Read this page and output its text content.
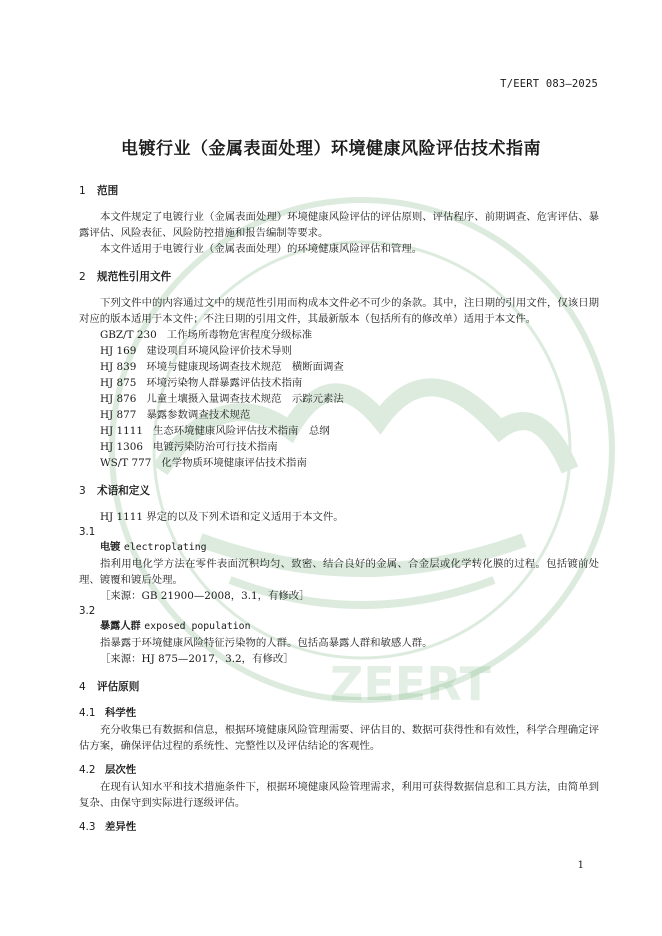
ZEERT
T/EERT 083—2025
电镀行业（金属表面处理）环境健康风险评估技术指南
1 范围

本文件规定了电镀行业（金属表面处理）环境健康风险评估的评估原则、评估程序、前期调查、危害评估、暴露评估、风险表征、风险防控措施和报告编制等要求。

本文件适用于电镀行业（金属表面处理）的环境健康风险评估和管理。

2 规范性引用文件

下列文件中的内容通过文中的规范性引用而构成本文件必不可少的条款。其中，注日期的引用文件，仅该日期对应的版本适用于本文件；不注日期的引用文件，其最新版本（包括所有的修改单）适用于本文件。

GBZ/T 230 工作场所毒物危害程度分级标准
HJ 169 建设项目环境风险评价技术导则
HJ 839 环境与健康现场调查技术规范　横断面调查
HJ 875 环境污染物人群暴露评估技术指南
HJ 876 儿童土壤摄入量调查技术规范　示踪元素法
HJ 877 暴露参数调查技术规范
HJ 1111 生态环境健康风险评估技术指南　总纲
HJ 1306 电镀污染防治可行技术指南
WS/T 777 化学物质环境健康评估技术指南
3 术语和定义

HJ 1111 界定的以及下列术语和定义适用于本文件。

3.1

电镀 electroplating

指利用电化学方法在零件表面沉积均匀、致密、结合良好的金属、合金层或化学转化膜的过程。包括镀前处理、镀覆和镀后处理。

［来源：GB 21900—2008，3.1，有修改］

3.2

暴露人群 exposed population

指暴露于环境健康风险特征污染物的人群。包括高暴露人群和敏感人群。

［来源：HJ 875—2017，3.2，有修改］

4 评估原则
4.1 科学性

充分收集已有数据和信息，根据环境健康风险管理需要、评估目的、数据可获得性和有效性，科学合理确定评估方案，确保评估过程的系统性、完整性以及评估结论的客观性。

4.2 层次性

在现有认知水平和技术措施条件下，根据环境健康风险管理需求，利用可获得数据信息和工具方法，由简单到复杂、由保守到实际进行逐级评估。

4.3 差异性
1
